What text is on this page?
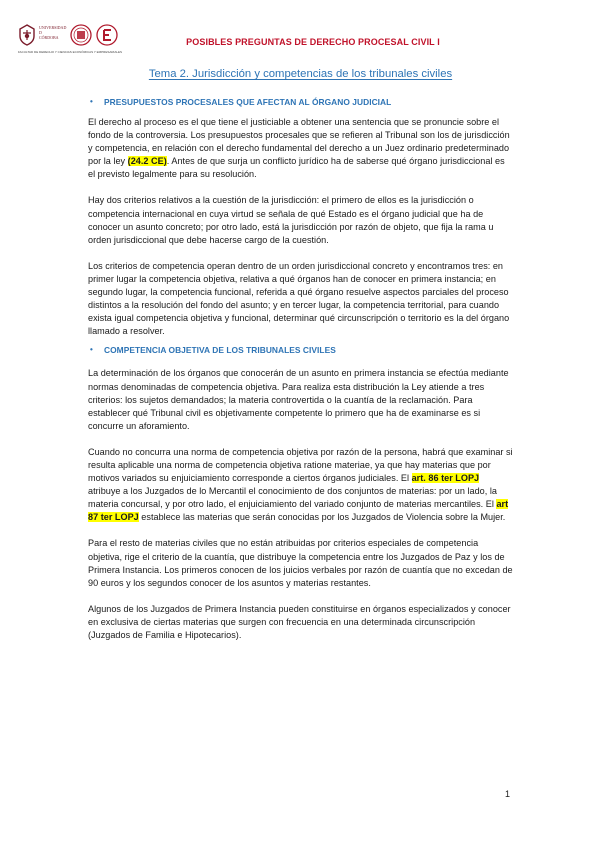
UNIVERSIDAD
D
CÓRDOBA
FACULTAD DE DERECHO Y CIENCIAS ECONÓMICAS Y EMPRESARIALES
POSIBLES PREGUNTAS DE DERECHO PROCESAL CIVIL I
Tema 2. Jurisdicción y competencias de los tribunales civiles
• PRESUPUESTOS PROCESALES QUE AFECTAN AL ÓRGANO JUDICIAL

El derecho al proceso es el que tiene el justiciable a obtener una sentencia que se pronuncie sobre el fondo de la controversia. Los presupuestos procesales que se refieren al Tribunal son los de jurisdicción y competencia, en relación con el derecho fundamental del derecho a un Juez ordinario predeterminado por la ley (24.2 CE). Antes de que surja un conflicto jurídico ha de saberse qué órgano jurisdiccional es el previsto legalmente para su resolución.

Hay dos criterios relativos a la cuestión de la jurisdicción: el primero de ellos es la jurisdicción o competencia internacional en cuya virtud se señala de qué Estado es el órgano judicial que ha de conocer un asunto concreto; por otro lado, está la jurisdicción por razón de objeto, que fija la rama u orden jurisdiccional que debe hacerse cargo de la cuestión.

Los criterios de competencia operan dentro de un orden jurisdiccional concreto y encontramos tres: en primer lugar la competencia objetiva, relativa a qué órganos han de conocer en primera instancia; en segundo lugar, la competencia funcional, referida a qué órgano resuelve aspectos parciales del proceso distintos a la resolución del fondo del asunto; y en tercer lugar, la competencia territorial, para cuando exista igual competencia objetiva y funcional, determinar qué circunscripción o territorio es la del órgano llamado a resolver.

• COMPETENCIA OBJETIVA DE LOS TRIBUNALES CIVILES

La determinación de los órganos que conocerán de un asunto en primera instancia se efectúa mediante normas denominadas de competencia objetiva. Para realiza esta distribución la Ley atiende a tres criterios: los sujetos demandados; la materia controvertida o la cuantía de la reclamación. Para establecer qué Tribunal civil es objetivamente competente lo primero que ha de examinarse es si concurre un aforamiento.

Cuando no concurra una norma de competencia objetiva por razón de la persona, habrá que examinar si resulta aplicable una norma de competencia objetiva ratione materiae, ya que hay materias que por motivos variados su enjuiciamiento corresponde a ciertos órganos judiciales. El art. 86 ter LOPJ atribuye a los Juzgados de lo Mercantil el conocimiento de dos conjuntos de materias: por un lado, la materia concursal, y por otro lado, el enjuiciamiento del variado conjunto de materias mercantiles. El art 87 ter LOPJ establece las materias que serán conocidas por los Juzgados de Violencia sobre la Mujer.

Para el resto de materias civiles que no están atribuidas por criterios especiales de competencia objetiva, rige el criterio de la cuantía, que distribuye la competencia entre los Juzgados de Paz y los de Primera Instancia. Los primeros conocen de los juicios verbales por razón de cuantía que no excedan de 90 euros y los segundos conocer de los asuntos y materias restantes.

Algunos de los Juzgados de Primera Instancia pueden constituirse en órganos especializados y conocer en exclusiva de ciertas materias que surgen con frecuencia en una determinada circunscripción (Juzgados de Familia e Hipotecarios).

1
